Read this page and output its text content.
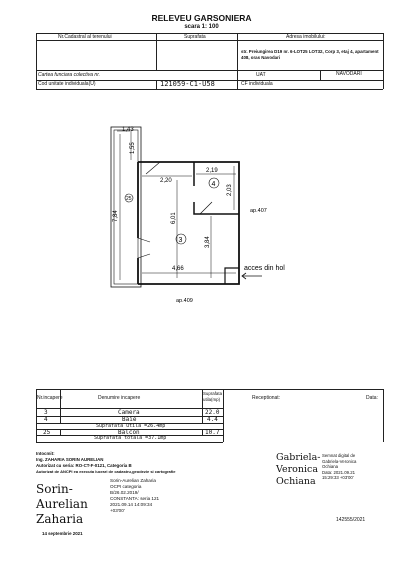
RELEVEU GARSONIERA
scara 1: 100
Nr.Cadastral al terenului	Suprafata	Adresa imobilului:
str. Preiungirea D19 nr. 6-LOT25 LOT32, Corp 3, etaj 4, apartament 408, oras Navodari
Cartea funciara colectiva nr.	UAT	NAVODARI
Cod unitate individuala(U)	121059-C1-U58	CF individuala
1,43
1,55
7,84
2,20
2,19
2,03
6,01
3,84
4,66
25
3
4
ap.407
ap.409
acces din hol
Nr.incapere	Denumire incapere
Suprafata
utila(mp)
3	Camera	22.0
4	Baie	4.4
Suprafata utila =26.4mp
25	Balcon	10.7
Suprafata totala =37.1mp
Receptionat:	Data:
Gabriela-
Veronica
Ochiana
Semnat digital de
Gabriela-Veronica
Ochiana
Data: 2021.09.21
15:29:33 +03'00'
142555/2021
Intocmit:
Ing. ZAHARIA SORIN AURELIAN
Autorizat cu seria: RO-CT-F-0121, Categoria B
Autorizat de ANCPI ea executa lucrari de cadastru,geodezie si cartografie
Sorin-
Aurelian
Zaharia
Sorin-Aurelian Zaharia
OCPI categoria
B/26.02.2019/
CONSTANTA: seria 121
2021.09.14 14:09:34
+03'00'
14 septembrie 2021
